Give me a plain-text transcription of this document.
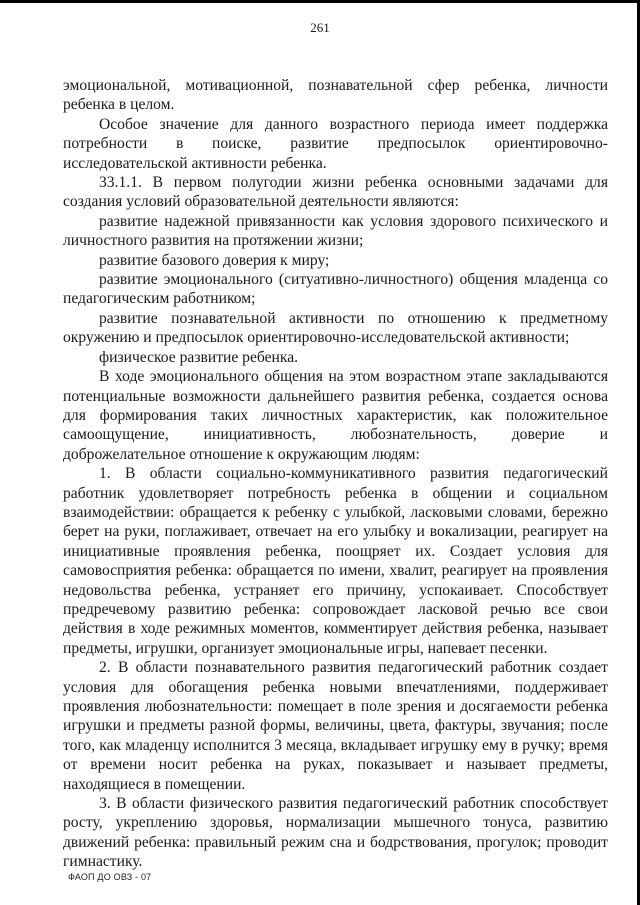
261

эмоциональной, мотивационной, познавательной сфер ребенка, личности ребенка в целом.

Особое значение для данного возрастного периода имеет поддержка потребности в поиске, развитие предпосылок ориентировочно-исследовательской активности ребенка.

33.1.1. В первом полугодии жизни ребенка основными задачами для создания условий образовательной деятельности являются:

развитие надежной привязанности как условия здорового психического и личностного развития на протяжении жизни;

развитие базового доверия к миру;

развитие эмоционального (ситуативно-личностного) общения младенца со педагогическим работником;

развитие познавательной активности по отношению к предметному окружению и предпосылок ориентировочно-исследовательской активности;

физическое развитие ребенка.

В ходе эмоционального общения на этом возрастном этапе закладываются потенциальные возможности дальнейшего развития ребенка, создается основа для формирования таких личностных характеристик, как положительное самоощущение, инициативность, любознательность, доверие и доброжелательное отношение к окружающим людям:

1. В области социально-коммуникативного развития педагогический работник удовлетворяет потребность ребенка в общении и социальном взаимодействии: обращается к ребенку с улыбкой, ласковыми словами, бережно берет на руки, поглаживает, отвечает на его улыбку и вокализации, реагирует на инициативные проявления ребенка, поощряет их. Создает условия для самовосприятия ребенка: обращается по имени, хвалит, реагирует на проявления недовольства ребенка, устраняет его причину, успокаивает. Способствует предречевому развитию ребенка: сопровождает ласковой речью все свои действия в ходе режимных моментов, комментирует действия ребенка, называет предметы, игрушки, организует эмоциональные игры, напевает песенки.

2. В области познавательного развития педагогический работник создает условия для обогащения ребенка новыми впечатлениями, поддерживает проявления любознательности: помещает в поле зрения и досягаемости ребенка игрушки и предметы разной формы, величины, цвета, фактуры, звучания; после того, как младенцу исполнится 3 месяца, вкладывает игрушку ему в ручку; время от времени носит ребенка на руках, показывает и называет предметы, находящиеся в помещении.

3. В области физического развития педагогический работник способствует росту, укреплению здоровья, нормализации мышечного тонуса, развитию движений ребенка: правильный режим сна и бодрствования, прогулок; проводит гимнастику.

ФАОП ДО ОВЗ - 07
